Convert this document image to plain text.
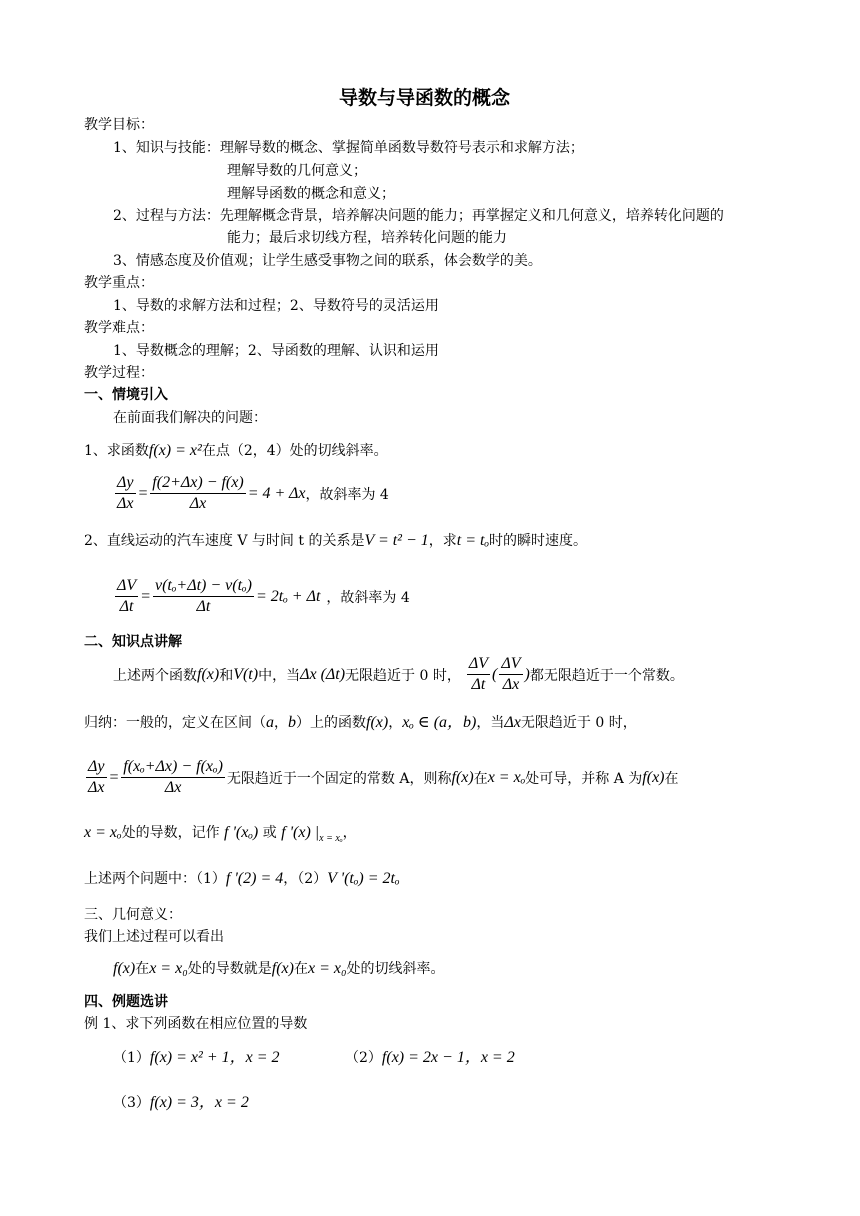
导数与导函数的概念
教学目标：
1、知识与技能：理解导数的概念、掌握简单函数导数符号表示和求解方法；
理解导数的几何意义；
理解导函数的概念和意义；
2、过程与方法：先理解概念背景，培养解决问题的能力；再掌握定义和几何意义，培养转化问题的
能力；最后求切线方程，培养转化问题的能力
3、情感态度及价值观；让学生感受事物之间的联系，体会数学的美。
教学重点：
1、导数的求解方法和过程；2、导数符号的灵活运用
教学难点：
1、导数概念的理解；2、导函数的理解、认识和运用
教学过程：
一、情境引入
在前面我们解决的问题：
1、求函数f(x) = x²在点（2，4）处的切线斜率。
$\frac{\Delta y}{\Delta x} = \frac{f(2+\Delta x) - f(x)}{\Delta x} = 4 + \Delta x$ ，故斜率为 4
2、直线运动的汽车速度 V 与时间 t 的关系是V = t² − 1，求t = tₒ时的瞬时速度。
$\frac{\Delta V}{\Delta t} = \frac{\text{v(tₒ+Δt) − v(tₒ)}}{\Delta t} = 2t_o + \Delta t$ ，故斜率为 4
二、知识点讲解
上述两个函数 f(x) 和 V(t) 中，当 Δx (Δt) 无限趋近于 0 时， $\frac{\Delta V}{\Delta t}$ ( $\frac{\Delta V}{\Delta x}$ ) 都无限趋近于一个常数。
归纳：一般的，定义在区间（a，b）上的函数f(x)，xₒ ∈ (a，b)，当Δx无限趋近于 0 时，
$\frac{\Delta y}{\Delta x} = \frac{\text{f(xₒ+Δx) − f(xₒ)}}{\Delta x}$ 无限趋近于一个固定的常数 A，则称 f(x) 在 x = xₒ 处可导，并称 A 为 f(x) 在
x = xₒ处的导数，记作 f '(xₒ) 或 f '(x) $|_{x = x_o}$，
上述两个问题中：（1）f '(2) = 4，（2）V '(tₒ) = 2tₒ
三、几何意义：
我们上述过程可以看出
f(x)在x = x₀处的导数就是f(x)在x = x₀处的切线斜率。
四、例题选讲
例 1、求下列函数在相应位置的导数
（1）f(x) = x² + 1，x = 2	（2）f(x) = 2x − 1，x = 2
（3）f(x) = 3，x = 2
